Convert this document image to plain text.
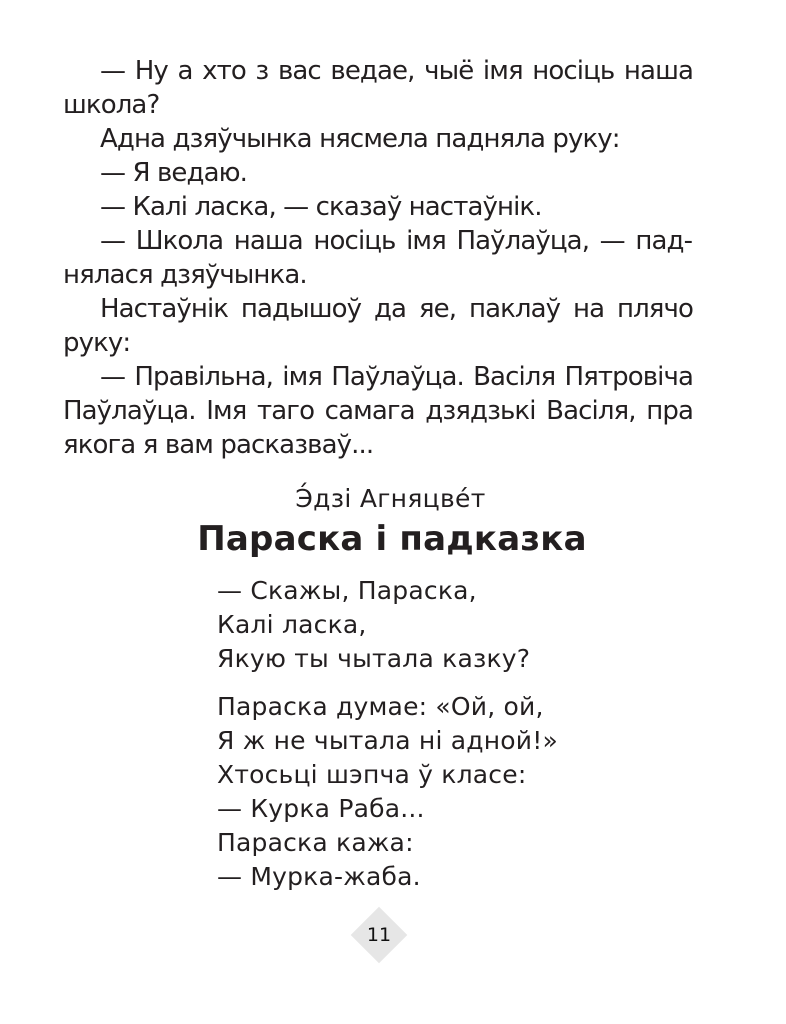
— Ну а хто з вас ведае, чыё імя носіць наша школа?

Адна дзяўчынка нясмела падняла руку:

— Я ведаю.

— Калі ласка, — сказаў настаўнік.

— Школа наша носіць імя Паўлаўца, — паднялася дзяўчынка.

Настаўнік падышоў да яе, паклаў на плячо руку:

— Правільна, імя Паўлаўца. Васіля Пятровіча Паўлаўца. Імя таго самага дзядзькі Васіля, пра якога я вам расказваў...

Э́дзі Агняцвéт
Параска і падказка
— Скажы, Параска,
Калі ласка,
Якую ты чытала казку?
Параска думае: «Ой, ой,
Я ж не чытала ні адной!»
Хтосьці шэпча ў класе:
— Курка Раба...
Параска кажа:
— Мурка-жаба.
11
